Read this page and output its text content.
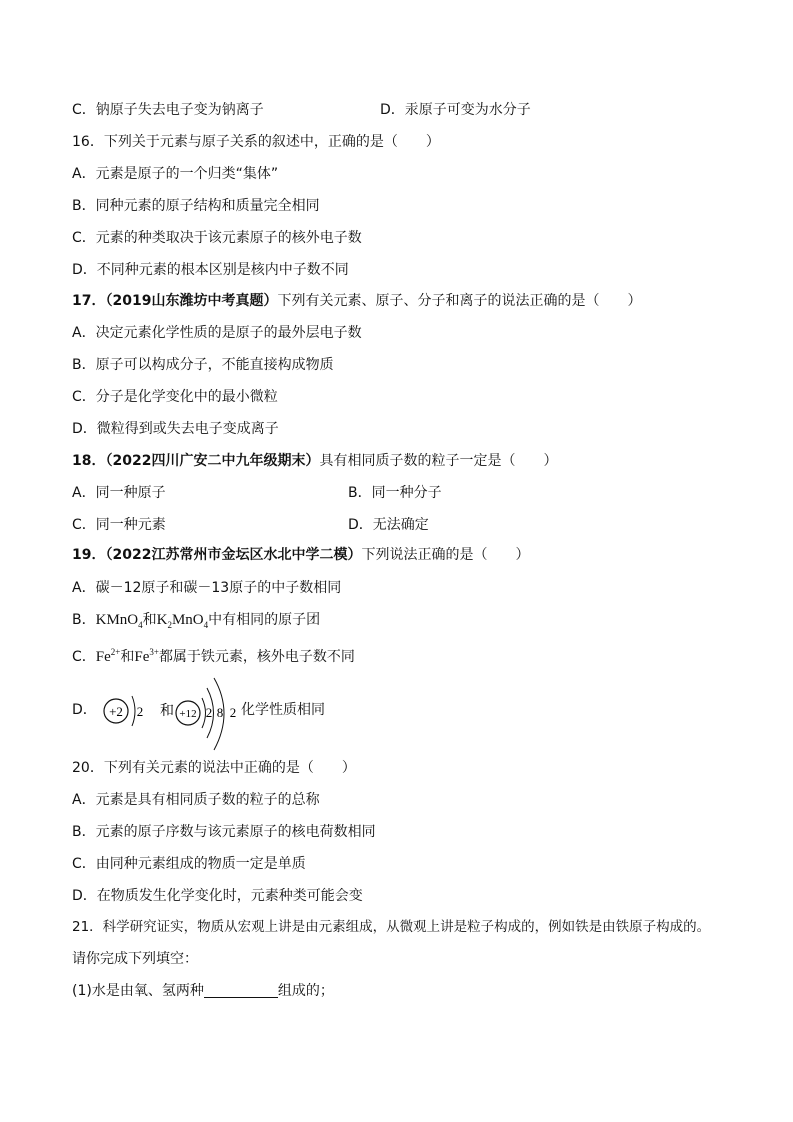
C．钠原子失去电子变为钠离子	D．汞原子可变为水分子
16．下列关于元素与原子关系的叙述中，正确的是（　　）
A．元素是原子的一个归类“集体”
B．同种元素的原子结构和质量完全相同
C．元素的种类取决于该元素原子的核外电子数
D．不同种元素的根本区别是核内中子数不同
17．（2019山东潍坊中考真题）下列有关元素、原子、分子和离子的说法正确的是（　　）
A．决定元素化学性质的是原子的最外层电子数
B．原子可以构成分子，不能直接构成物质
C．分子是化学变化中的最小微粒
D．微粒得到或失去电子变成离子
18．（2022四川广安二中九年级期末）具有相同质子数的粒子一定是（　　）
A．同一种原子	B．同一种分子
C．同一种元素	D．无法确定
19．（2022江苏常州市金坛区水北中学二模）下列说法正确的是（　　）
A．碳－12原子和碳－13原子的中子数相同
B．KMnO$_4$和$K_2MnO_4$中有相同的原子团
C．$Fe^{2+}$和$Fe^{3+}$都属于铁元素，核外电子数不同
D． +2 2 和 +12 2 8 2 化学性质相同
20．下列有关元素的说法中正确的是（　　）
A．元素是具有相同质子数的粒子的总称
B．元素的原子序数与该元素原子的核电荷数相同
C．由同种元素组成的物质一定是单质
D．在物质发生化学变化时，元素种类可能会变
21．科学研究证实，物质从宏观上讲是由元素组成，从微观上讲是粒子构成的，例如铁是由铁原子构成的。
请你完成下列填空：
(1)水是由氧、氢两种	组成的；
